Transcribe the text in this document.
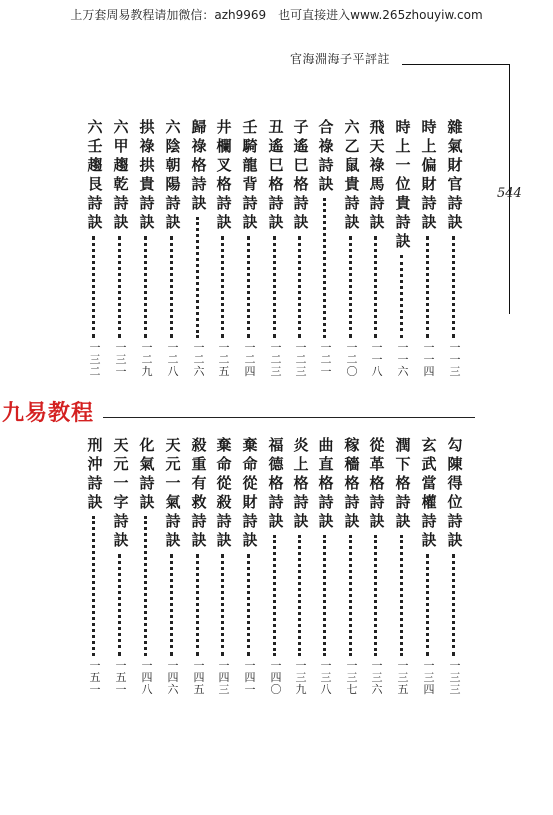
上万套周易教程请加微信：azh9969　也可直接进入www.265zhouyiw.com
官海淵海子平評註
544
九易教程
雜
氣
財
官
詩
訣
一
一
三
時
上
偏
財
詩
訣
一
一
四
時
上
一
位
貴
詩
訣
一
一
六
飛
天
祿
馬
詩
訣
一
一
八
六
乙
鼠
貴
詩
訣
一
二
〇
合
祿
詩
訣
一
二
一
子
遙
巳
格
詩
訣
一
二
三
丑
遙
巳
格
詩
訣
一
二
三
壬
騎
龍
背
詩
訣
一
二
四
井
欄
叉
格
詩
訣
一
二
五
歸
祿
格
詩
訣
一
二
六
六
陰
朝
陽
詩
訣
一
二
八
拱
祿
拱
貴
詩
訣
一
二
九
六
甲
趨
乾
詩
訣
一
三
一
六
壬
趨
艮
詩
訣
一
三
二
勾
陳
得
位
詩
訣
一
三
三
玄
武
當
權
詩
訣
一
三
四
潤
下
格
詩
訣
一
三
五
從
革
格
詩
訣
一
三
六
稼
穡
格
詩
訣
一
三
七
曲
直
格
詩
訣
一
三
八
炎
上
格
詩
訣
一
三
九
福
德
格
詩
訣
一
四
〇
棄
命
從
財
詩
訣
一
四
一
棄
命
從
殺
詩
訣
一
四
三
殺
重
有
救
詩
訣
一
四
五
天
元
一
氣
詩
訣
一
四
六
化
氣
詩
訣
一
四
八
天
元
一
字
詩
訣
一
五
一
刑
沖
詩
訣
一
五
一
